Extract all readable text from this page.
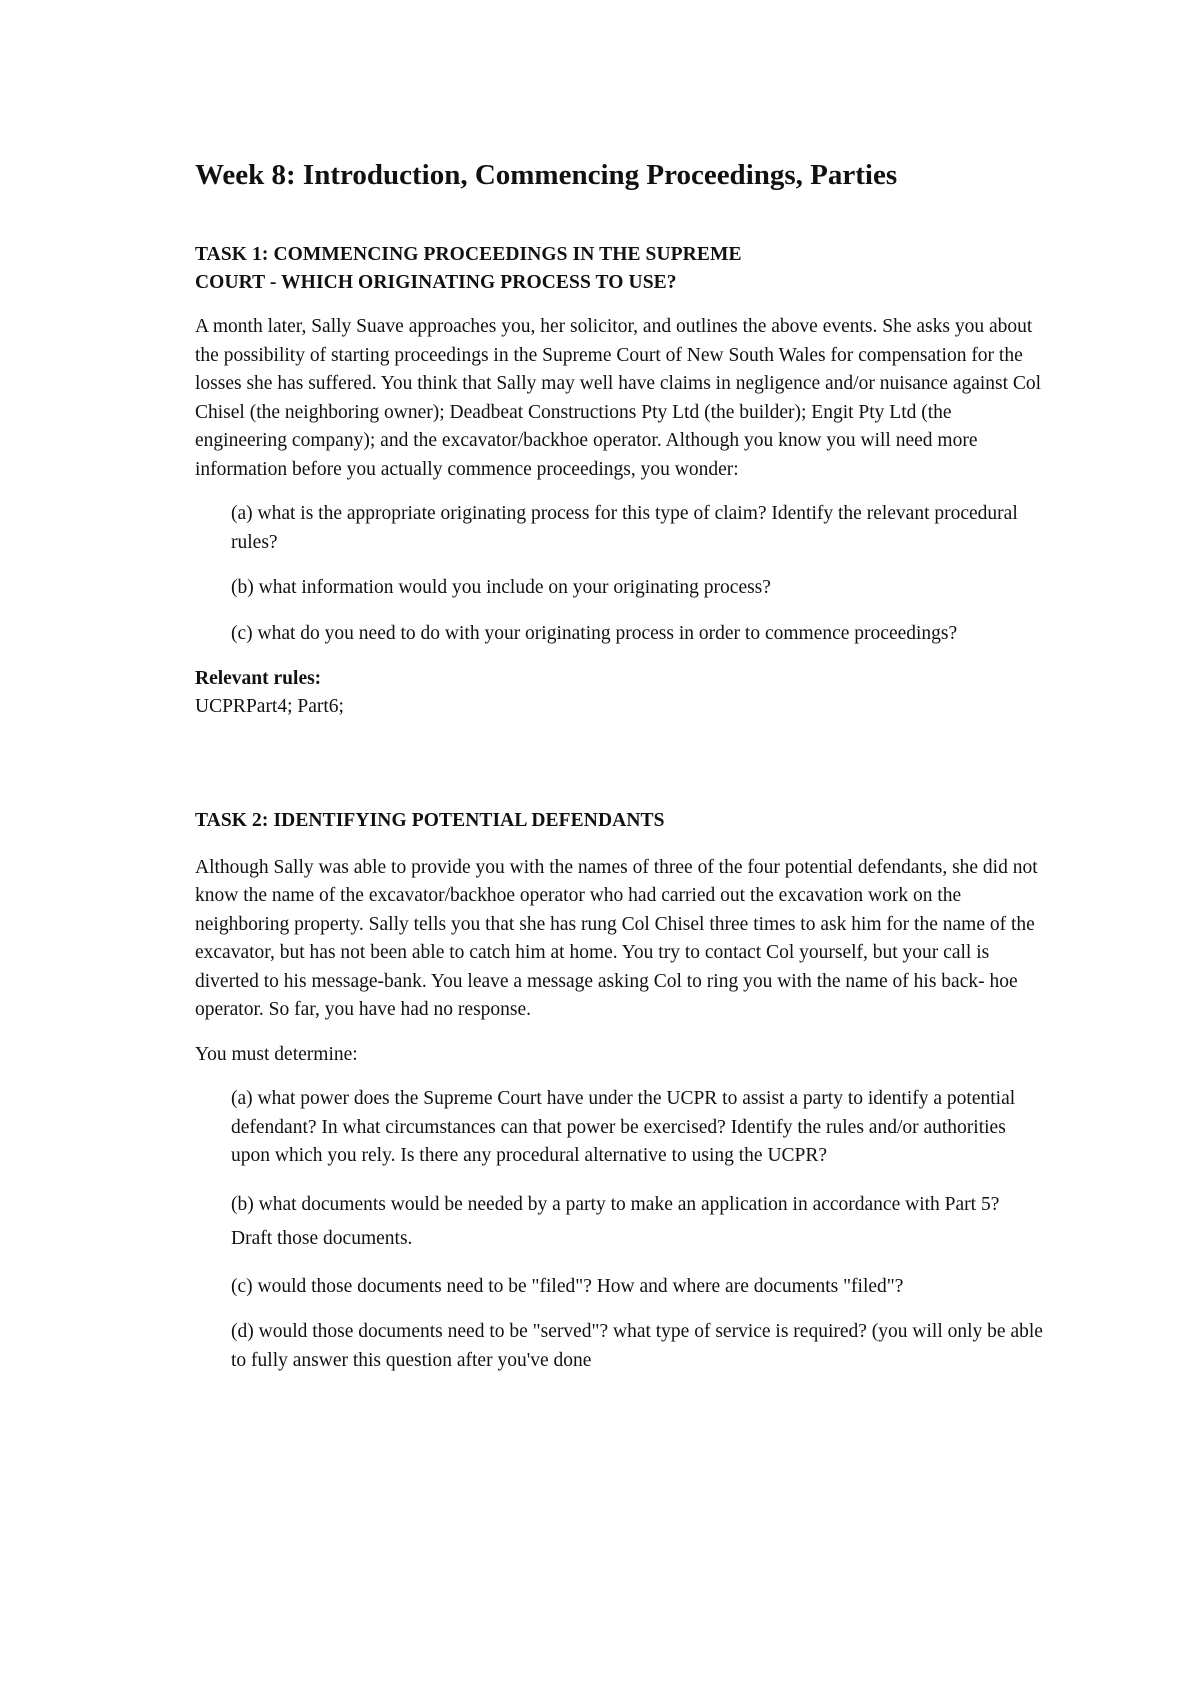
Week 8: Introduction, Commencing Proceedings, Parties
TASK 1: COMMENCING PROCEEDINGS IN THE SUPREME
COURT - WHICH ORIGINATING PROCESS TO USE?

A month later, Sally Suave approaches you, her solicitor, and outlines the above events. She asks you about the possibility of starting proceedings in the Supreme Court of New South Wales for compensation for the losses she has suffered. You think that Sally may well have claims in negligence and/or nuisance against Col Chisel (the neighboring owner); Deadbeat Constructions Pty Ltd (the builder); Engit Pty Ltd (the engineering company); and the excavator/backhoe operator. Although you know you will need more information before you actually commence proceedings, you wonder:

(a) what is the appropriate originating process for this type of claim? Identify the relevant procedural rules?

(b) what information would you include on your originating process?

(c) what do you need to do with your originating process in order to commence proceedings?

Relevant rules:
UCPRPart4; Part6;
TASK 2: IDENTIFYING POTENTIAL DEFENDANTS

Although Sally was able to provide you with the names of three of the four potential defendants, she did not know the name of the excavator/backhoe operator who had carried out the excavation work on the neighboring property. Sally tells you that she has rung Col Chisel three times to ask him for the name of the excavator, but has not been able to catch him at home. You try to contact Col yourself, but your call is diverted to his message-bank. You leave a message asking Col to ring you with the name of his back- hoe operator. So far, you have had no response.

You must determine:

(a) what power does the Supreme Court have under the UCPR to assist a party to identify a potential defendant? In what circumstances can that power be exercised? Identify the rules and/or authorities upon which you rely. Is there any procedural alternative to using the UCPR?

(b) what documents would be needed by a party to make an application in accordance with Part 5? Draft those documents.

(c) would those documents need to be "filed"? How and where are documents "filed"?

(d) would those documents need to be "served"? what type of service is required? (you will only be able to fully answer this question after you've done
